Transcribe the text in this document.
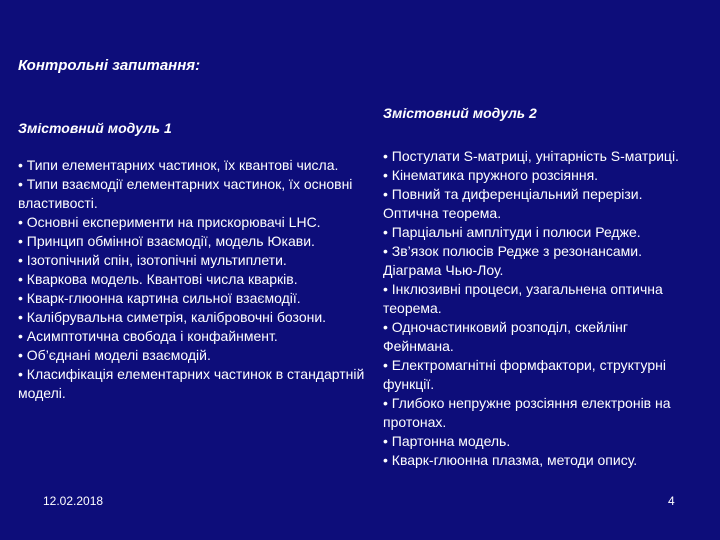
Контрольні запитання:
Змістовний модуль 1
• Типи елементарних частинок, їх квантові числа.
• Типи взаємодії елементарних частинок, їх основні властивості.
• Основні експерименти на прискорювачі LHC.
• Принцип обмінної взаємодії, модель Юкави.
• Ізотопічний спін, ізотопічні мультиплети.
• Кваркова модель. Квантові числа кварків.
• Кварк-глюонна картина сильної взаємодії.
• Калібрувальна симетрія, калібровочні бозони.
• Асимптотична свобода і конфайнмент.
• Об’єднані моделі взаємодій.
• Класифікація елементарних частинок в стандартній моделі.
Змістовний модуль 2
• Постулати S-матриці, унітарність S-матриці.
• Кінематика пружного розсіяння.
• Повний та диференціальний перерізи. Оптична теорема.
• Парціальні амплітуди і полюси Редже.
• Зв’язок полюсів Редже з резонансами. Діаграма Чью-Лоу.
• Інклюзивні процеси, узагальнена оптична теорема.
• Одночастинковий розподіл, скейлінг Фейнмана.
• Електромагнітні формфактори, структурні функції.
• Глибоко непружне розсіяння електронів на протонах.
• Партонна модель.
• Кварк-глюонна плазма, методи опису.
12.02.2018	4
